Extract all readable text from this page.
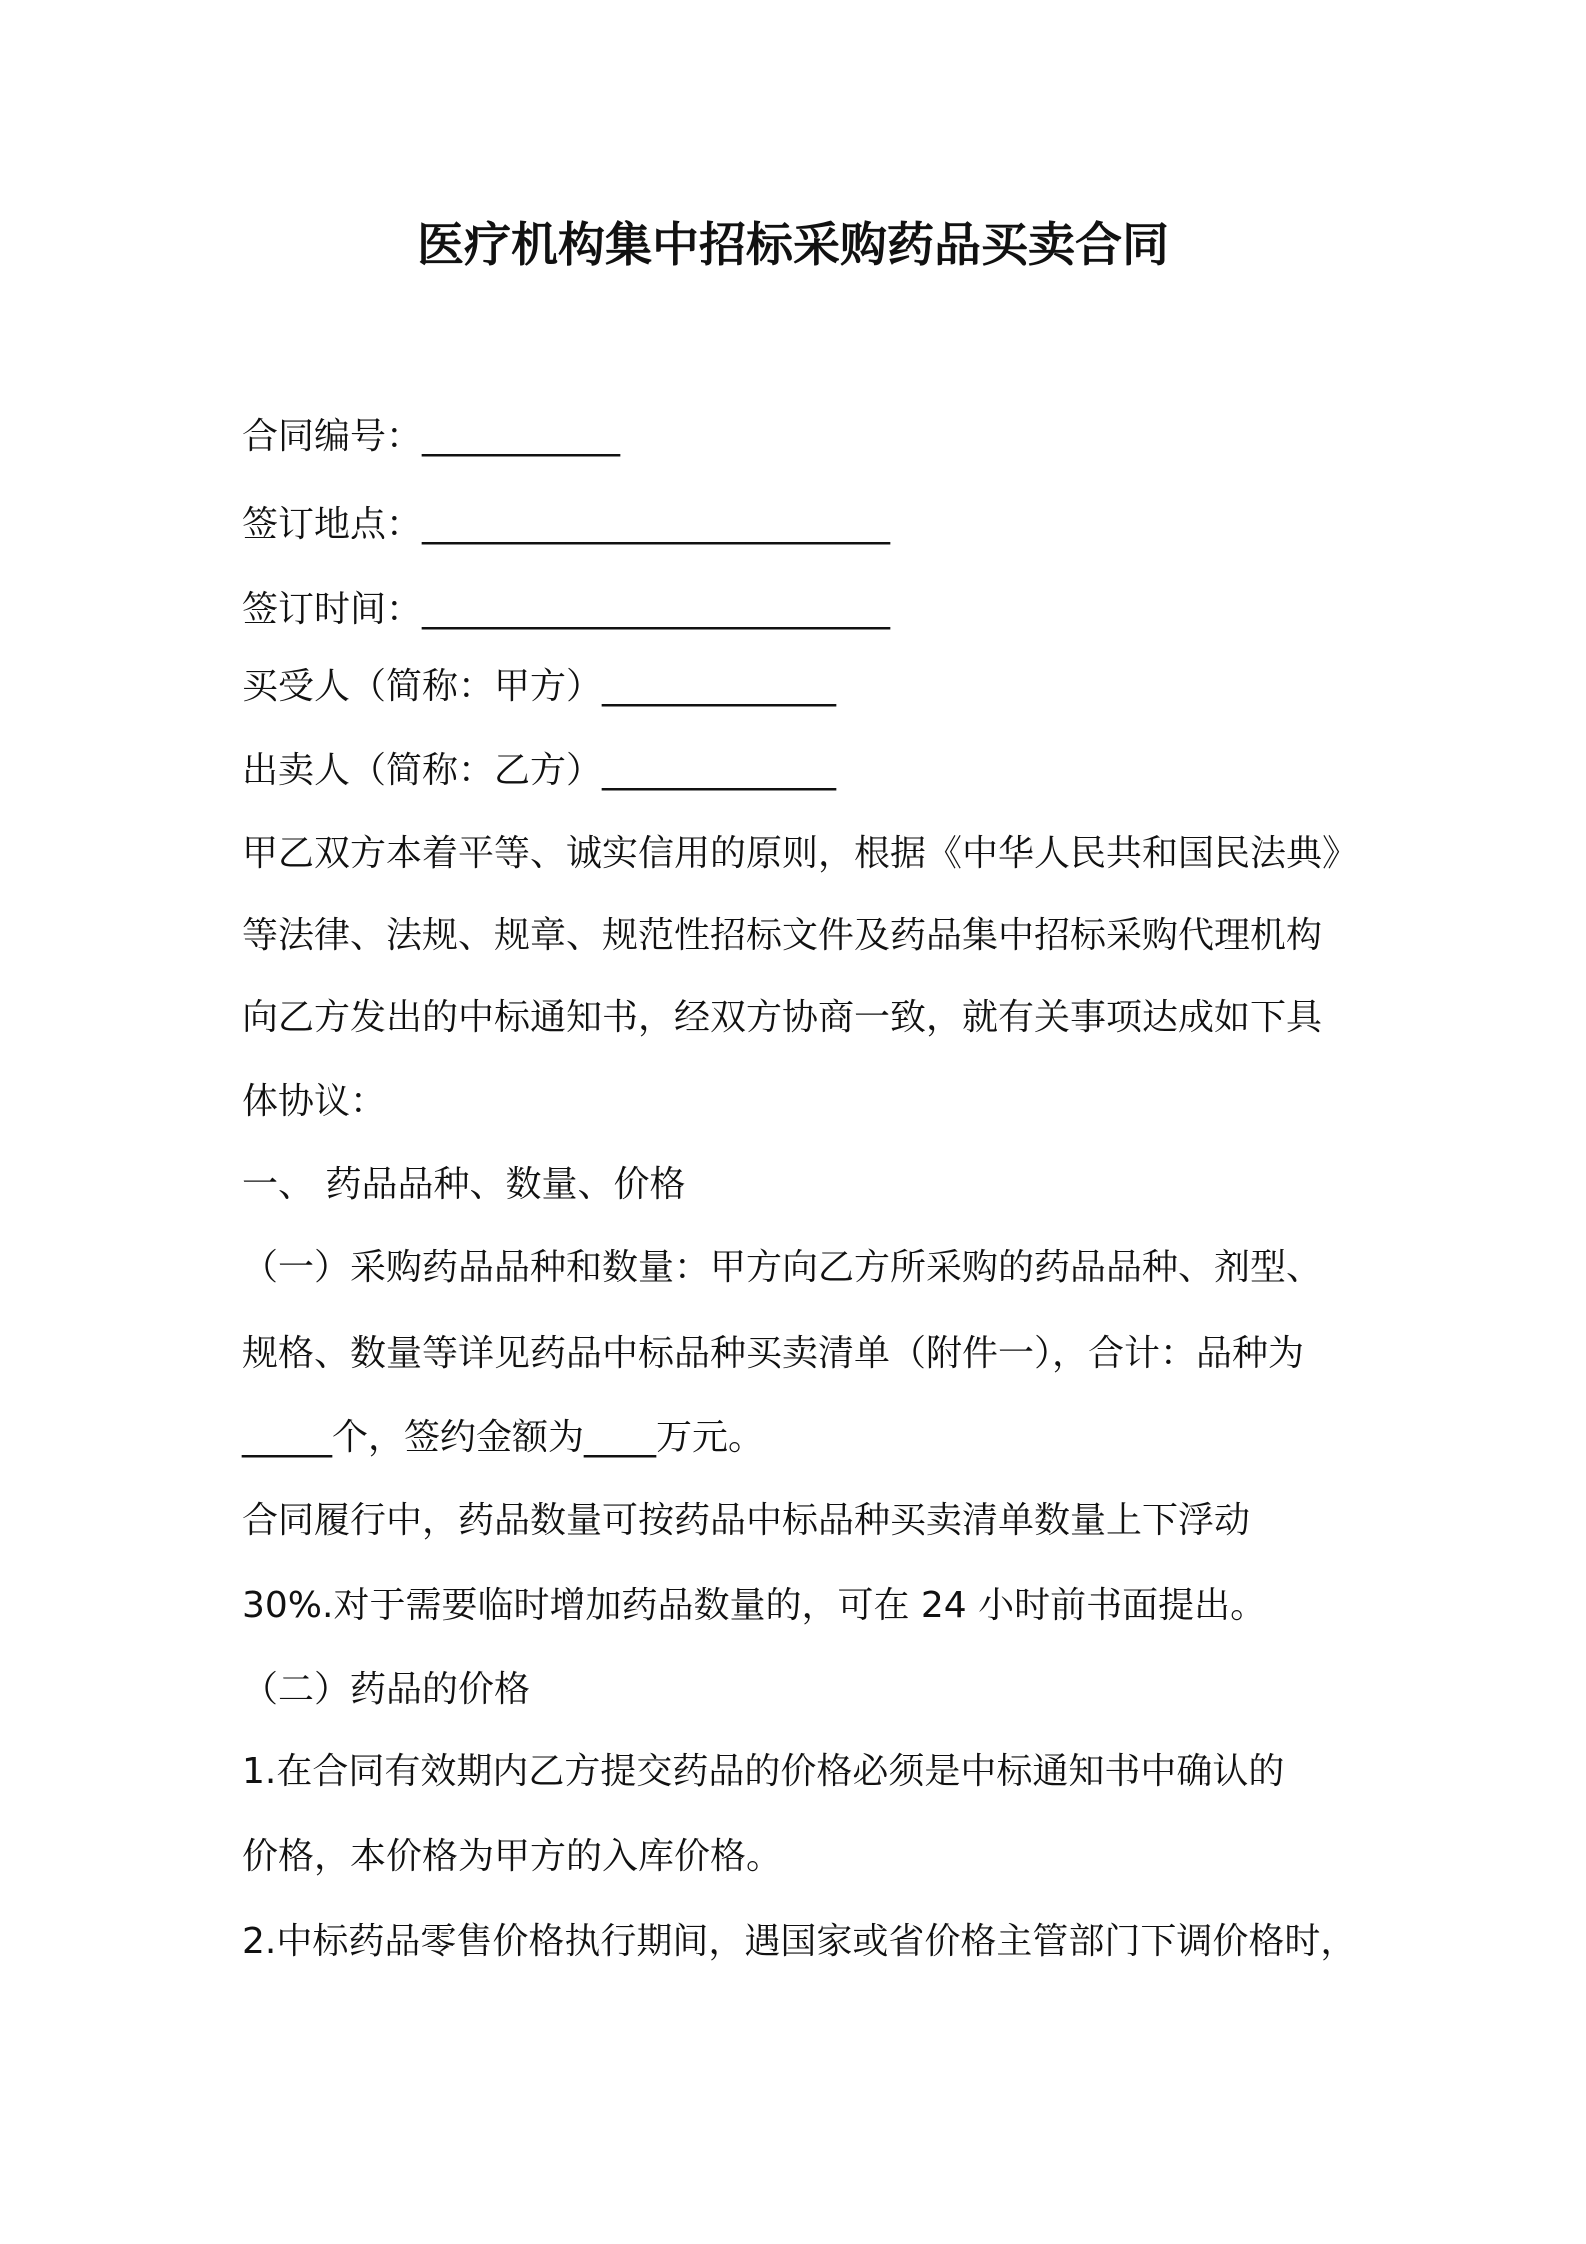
医疗机构集中招标采购药品买卖合同

合同编号：___________

签订地点：__________________________

签订时间：__________________________

买受人（简称：甲方）_____________

出卖人（简称：乙方）_____________

甲乙双方本着平等、诚实信用的原则，根据《中华人民共和国民法典》

等法律、法规、规章、规范性招标文件及药品集中招标采购代理机构

向乙方发出的中标通知书，经双方协商一致，就有关事项达成如下具

体协议：

一、 药品品种、数量、价格

（一）采购药品品种和数量：甲方向乙方所采购的药品品种、剂型、

规格、数量等详见药品中标品种买卖清单（附件一），合计：品种为

_____个，签约金额为____万元。

合同履行中，药品数量可按药品中标品种买卖清单数量上下浮动

30%.对于需要临时增加药品数量的，可在 24 小时前书面提出。

（二）药品的价格

1.在合同有效期内乙方提交药品的价格必须是中标通知书中确认的

价格，本价格为甲方的入库价格。

2.中标药品零售价格执行期间，遇国家或省价格主管部门下调价格时，
